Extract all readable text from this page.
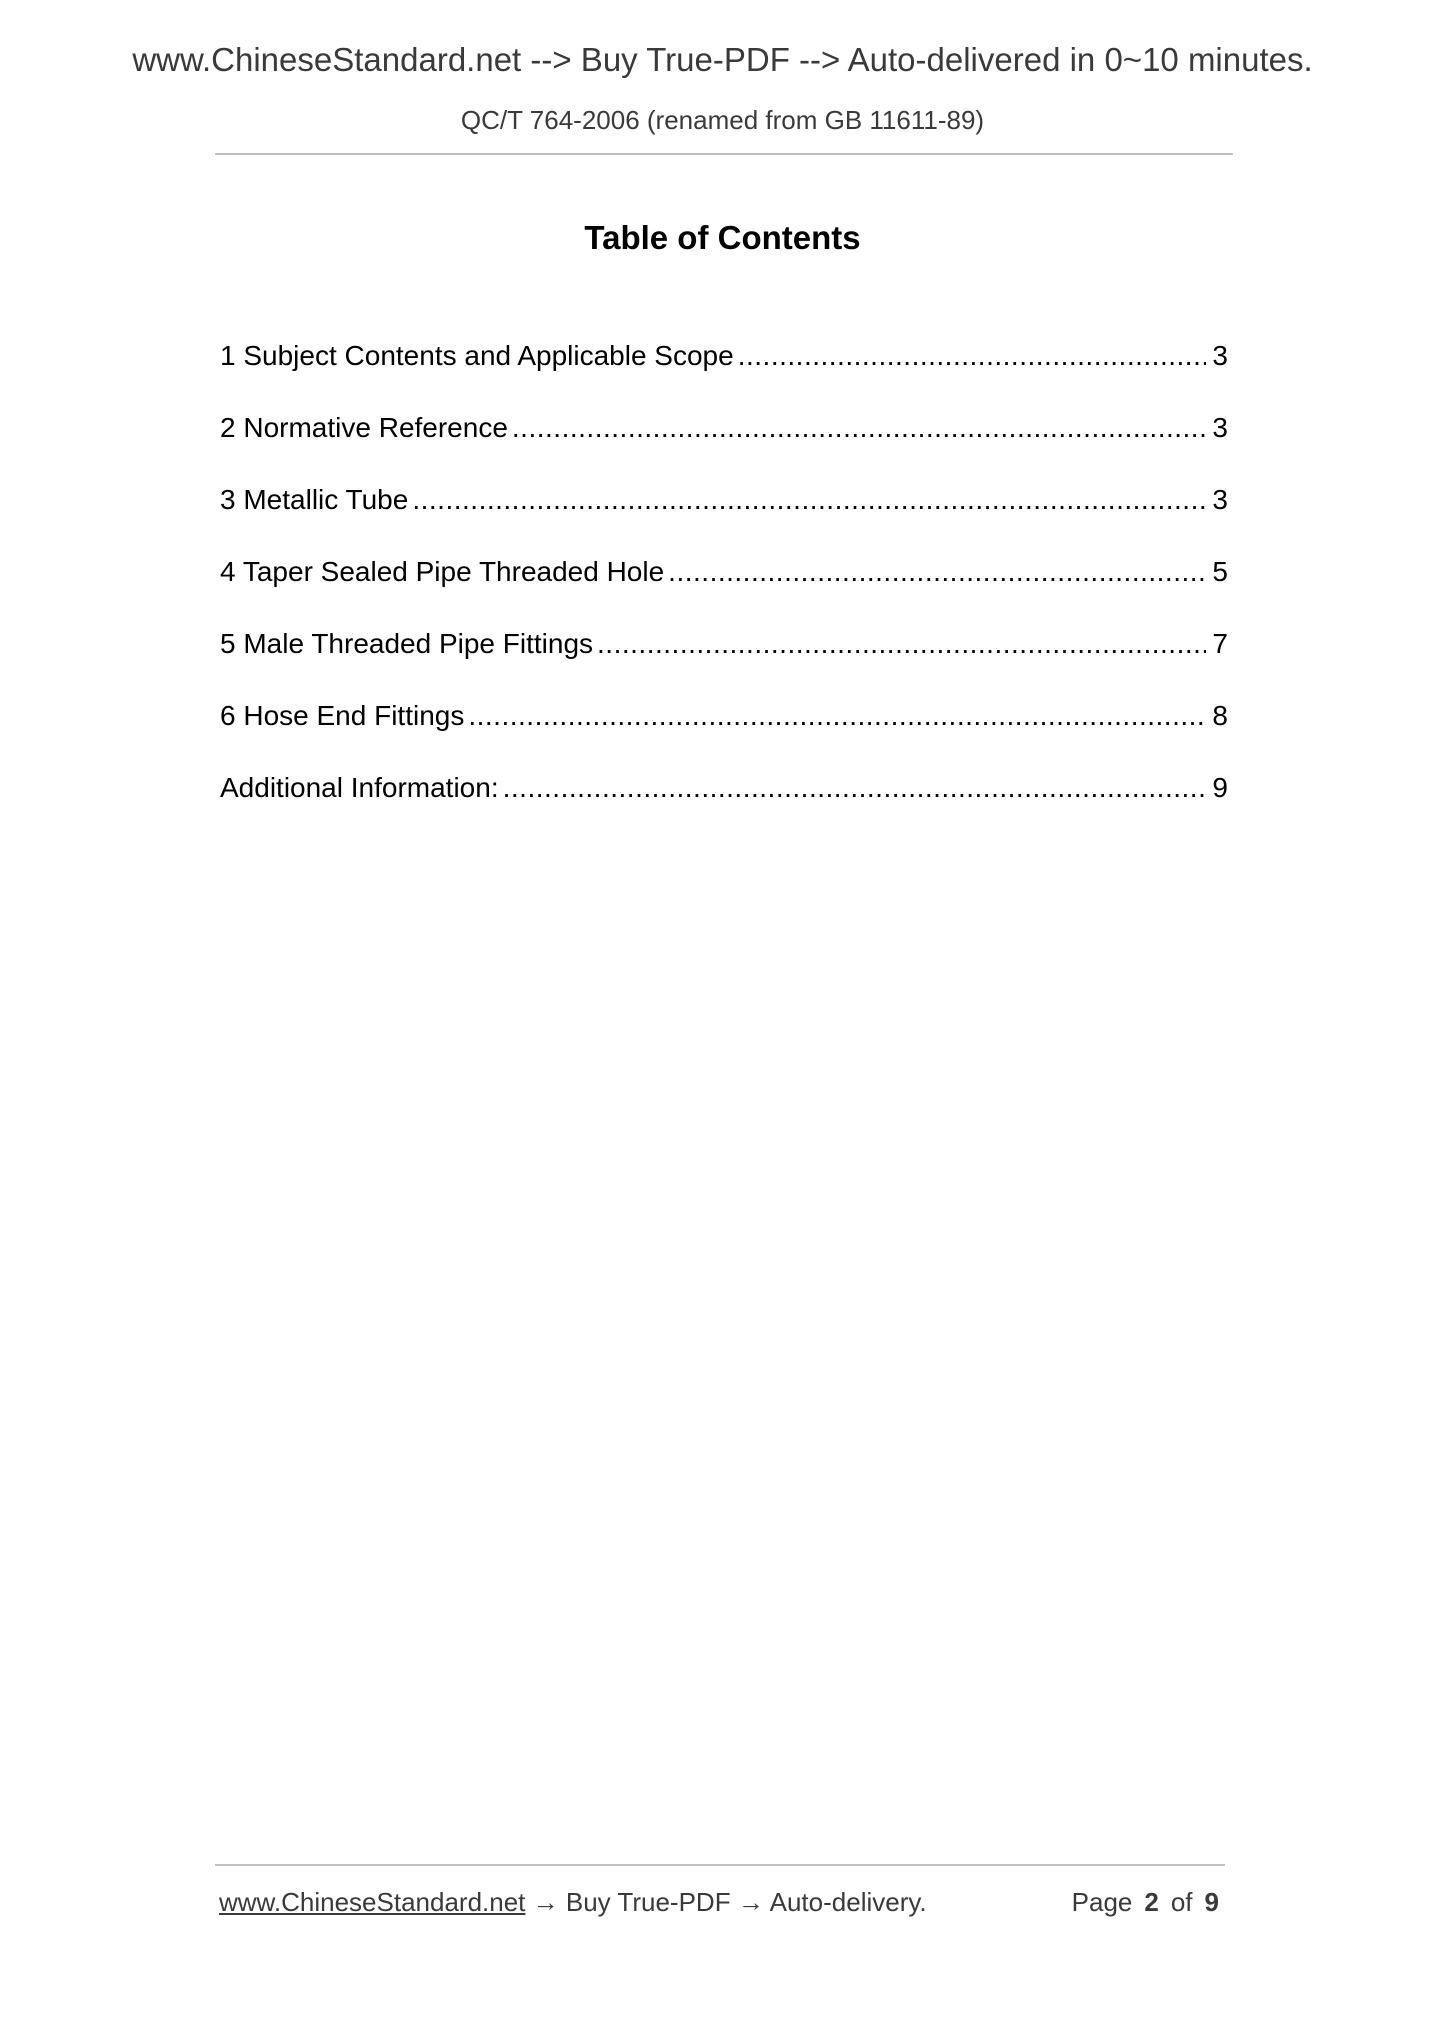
www.ChineseStandard.net --> Buy True-PDF --> Auto-delivered in 0~10 minutes.
QC/T 764-2006 (renamed from GB 11611-89)
Table of Contents
1 Subject Contents and Applicable Scope .....	3
2 Normative Reference .....	3
3 Metallic Tube .....	3
4 Taper Sealed Pipe Threaded Hole .....	5
5 Male Threaded Pipe Fittings .....	7
6 Hose End Fittings .....	8
Additional Information: .....	9
www.ChineseStandard.net → Buy True-PDF → Auto-delivery.	Page 2 of 9
